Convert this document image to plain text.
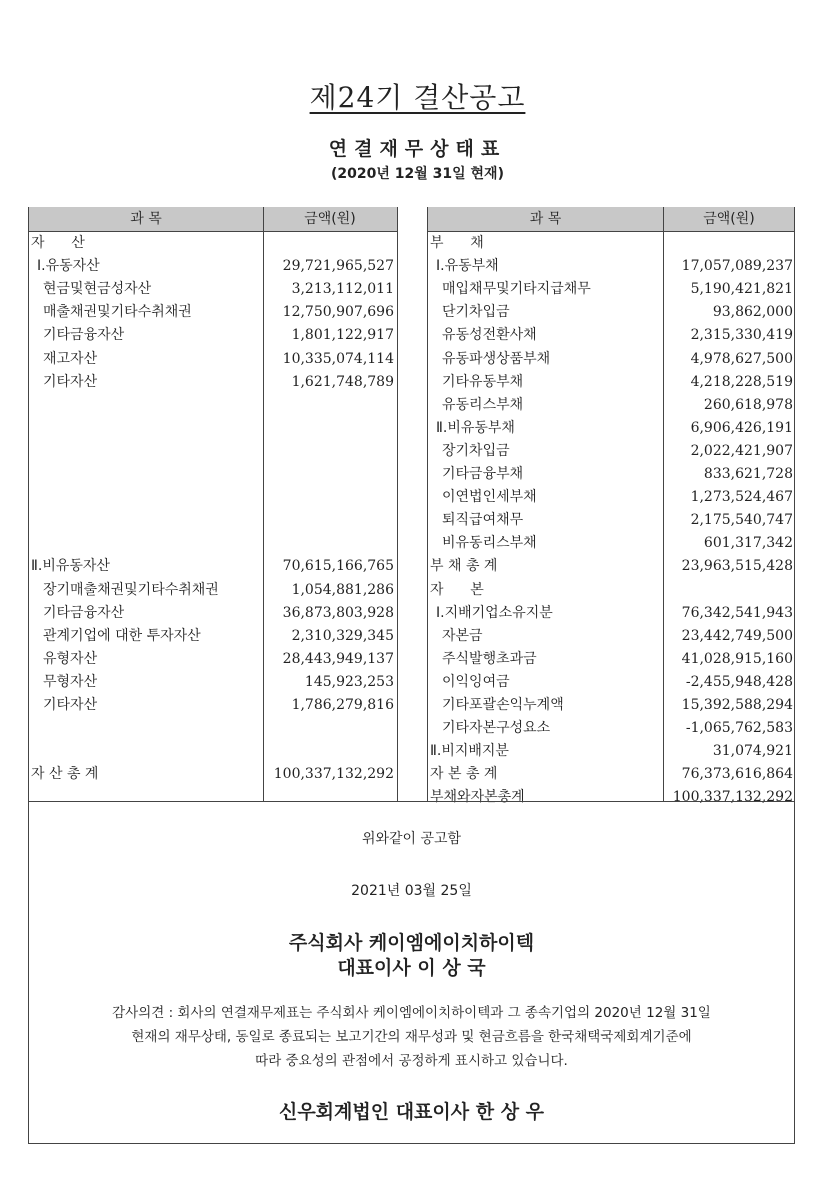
제24기 결산공고
연결재무상태표
(2020년 12월 31일 현재)
과 목	금액(원)
자      산
Ⅰ.유동자산	29,721,965,527
현금및현금성자산	3,213,112,011
매출채권및기타수취채권	12,750,907,696
기타금융자산	1,801,122,917
재고자산	10,335,074,114
기타자산	1,621,748,789
Ⅱ.비유동자산	70,615,166,765
장기매출채권및기타수취채권	1,054,881,286
기타금융자산	36,873,803,928
관계기업에 대한 투자자산	2,310,329,345
유형자산	28,443,949,137
무형자산	145,923,253
기타자산	1,786,279,816
자 산 총 계	100,337,132,292
과 목	금액(원)
부      채
Ⅰ.유동부채	17,057,089,237
매입채무및기타지급채무	5,190,421,821
단기차입금	93,862,000
유동성전환사채	2,315,330,419
유동파생상품부채	4,978,627,500
기타유동부채	4,218,228,519
유동리스부채	260,618,978
Ⅱ.비유동부채	6,906,426,191
장기차입금	2,022,421,907
기타금융부채	833,621,728
이연법인세부채	1,273,524,467
퇴직급여채무	2,175,540,747
비유동리스부채	601,317,342
부 채 총 계	23,963,515,428
자      본
Ⅰ.지배기업소유지분	76,342,541,943
자본금	23,442,749,500
주식발행초과금	41,028,915,160
이익잉여금	-2,455,948,428
기타포괄손익누계액	15,392,588,294
기타자본구성요소	-1,065,762,583
Ⅱ.비지배지분	31,074,921
자 본 총 계	76,373,616,864
부채와자본총계	100,337,132,292
위와같이 공고함
2021년 03월 25일
주식회사 케이엠에이치하이텍
대표이사 이 상 국
감사의견 : 회사의 연결재무제표는 주식회사 케이엠에이치하이텍과 그 종속기업의 2020년 12월 31일
현재의 재무상태, 동일로 종료되는 보고기간의 재무성과 및 현금흐름을 한국채택국제회계기준에
따라 중요성의 관점에서 공정하게 표시하고 있습니다.
신우회계법인 대표이사 한 상 우
